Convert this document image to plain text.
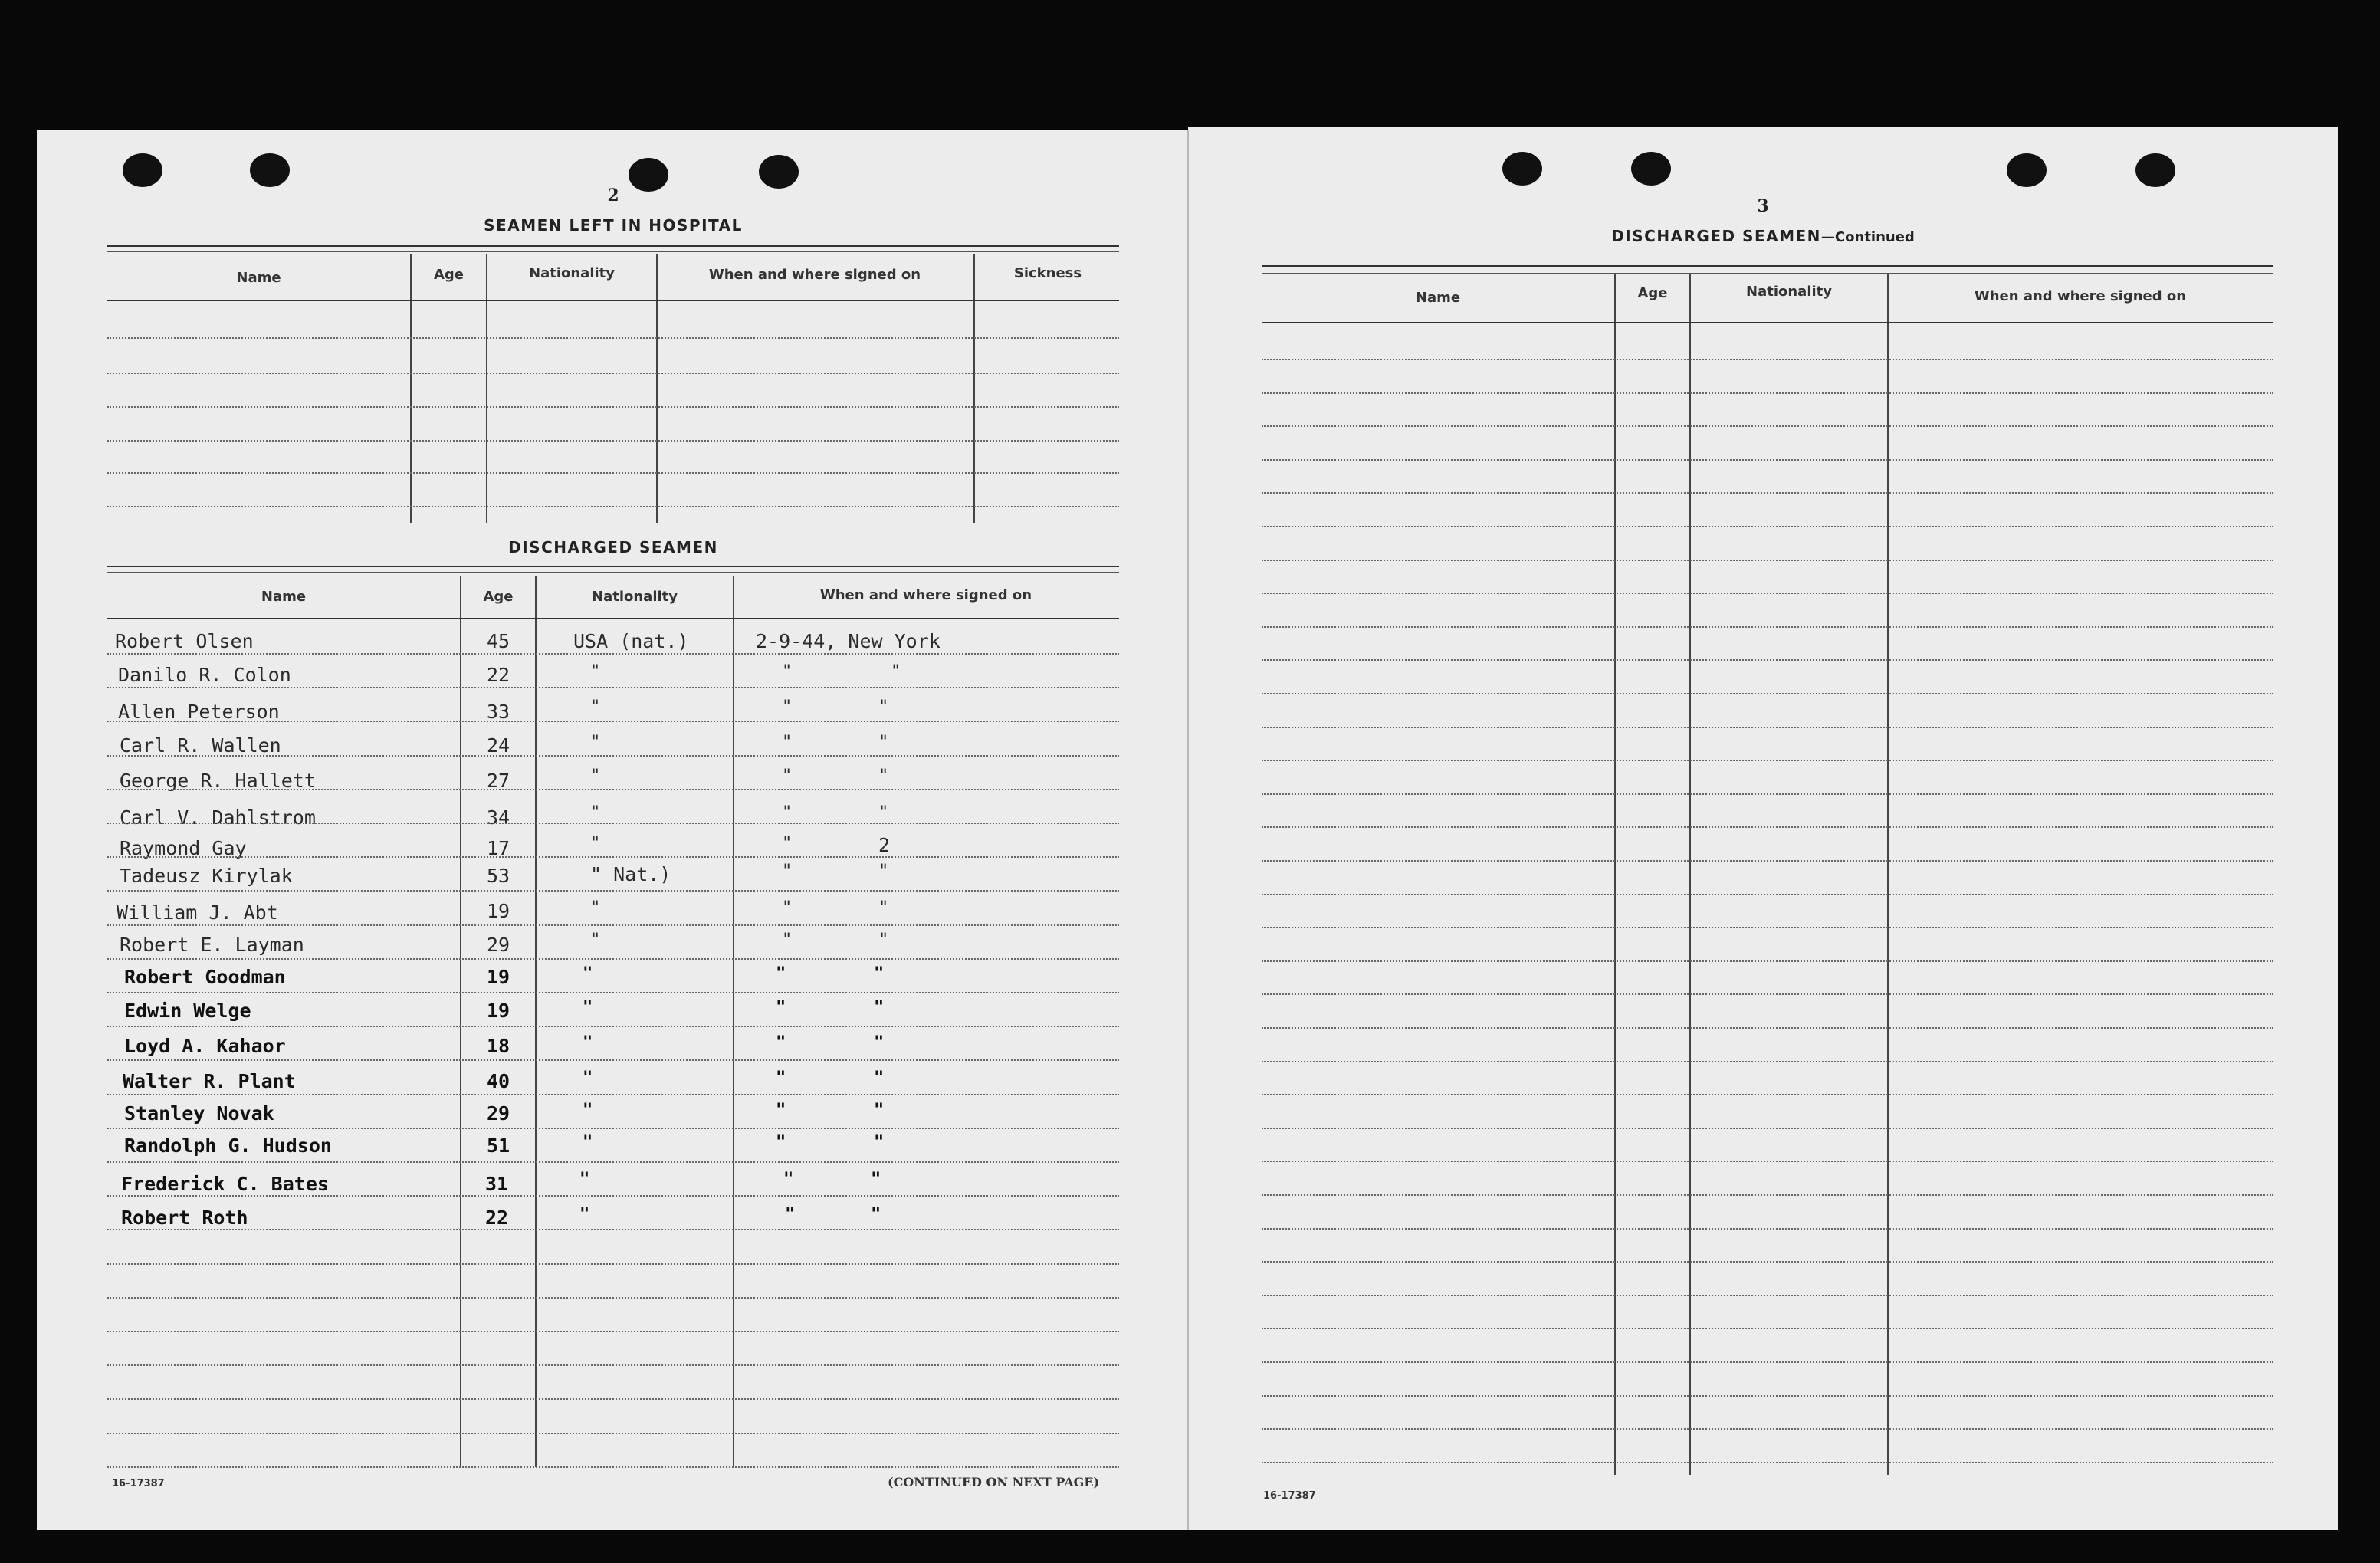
2
SEAMEN LEFT IN HOSPITAL
Name	Age	Nationality	When and where signed on	Sickness
DISCHARGED SEAMEN
Name	Age	Nationality	When and where signed on
Robert Olsen	45	USA (nat.)	2-9-44, New York
Danilo R. Colon	22	"	"	"
Allen Peterson	33	"	"	"
Carl R. Wallen	24	"	"	"
George R. Hallett	27	"	"	"
Carl V. Dahlstrom	34	"	"	"
Raymond Gay	17	"	"	2
Tadeusz Kirylak	53	" Nat.)	"	"
William J. Abt	19	"	"	"
Robert E. Layman	29	"	"	"
Robert Goodman	19	"	"	"
Edwin Welge	19	"	"	"
Loyd A. Kahaor	18	"	"	"
Walter R. Plant	40	"	"	"
Stanley Novak	29	"	"	"
Randolph G. Hudson	51	"	"	"
Frederick C. Bates	31	"	"	"
Robert Roth	22	"	"	"
16-17387	(CONTINUED ON NEXT PAGE)
3
DISCHARGED SEAMEN—Continued
Name	Age	Nationality	When and where signed on
16-17387
